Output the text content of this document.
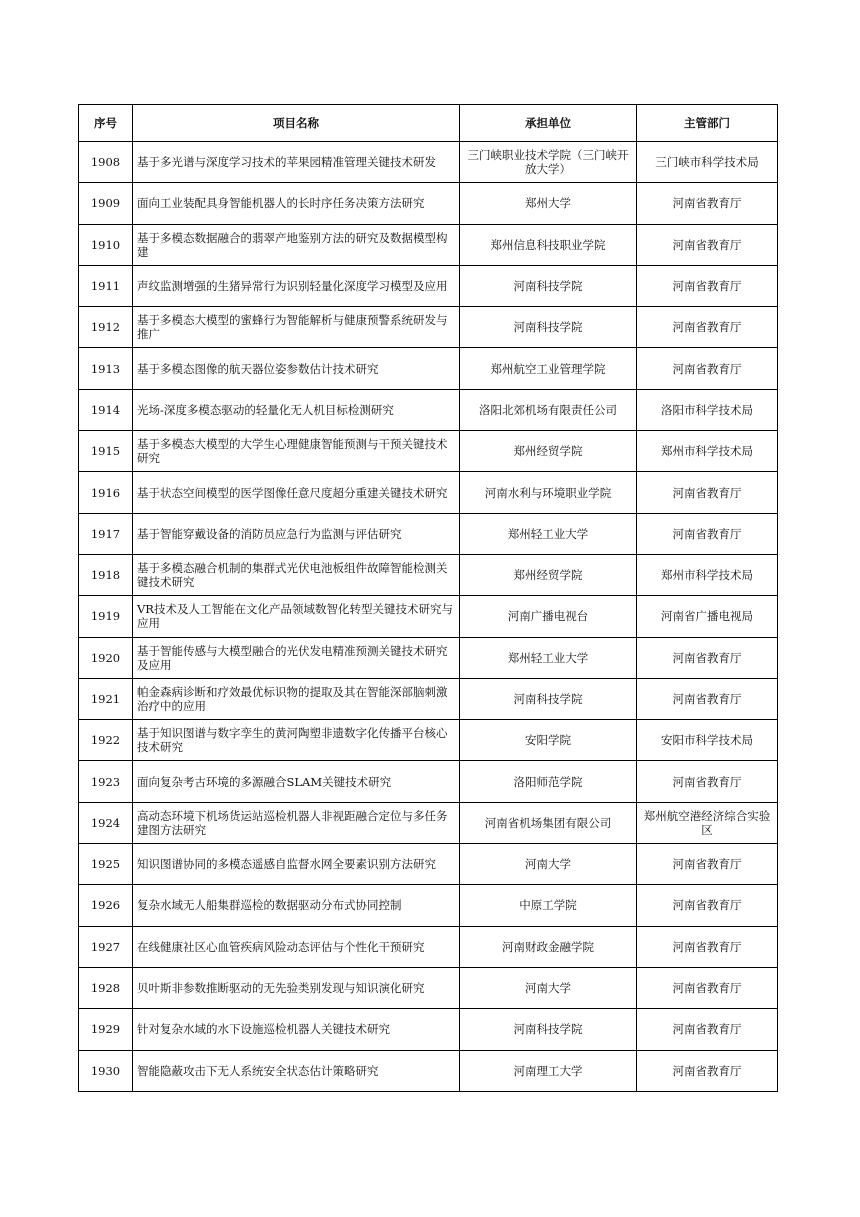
序号	项目名称	承担单位	主管部门
1908	基于多光谱与深度学习技术的苹果园精准管理关键技术研发	三门峡职业技术学院（三门峡开放大学）	三门峡市科学技术局
1909	面向工业装配具身智能机器人的长时序任务决策方法研究	郑州大学	河南省教育厅
1910	基于多模态数据融合的翡翠产地鉴别方法的研究及数据模型构建	郑州信息科技职业学院	河南省教育厅
1911	声纹监测增强的生猪异常行为识别轻量化深度学习模型及应用	河南科技学院	河南省教育厅
1912	基于多模态大模型的蜜蜂行为智能解析与健康预警系统研发与推广	河南科技学院	河南省教育厅
1913	基于多模态图像的航天器位姿参数估计技术研究	郑州航空工业管理学院	河南省教育厅
1914	光场-深度多模态驱动的轻量化无人机目标检测研究	洛阳北郊机场有限责任公司	洛阳市科学技术局
1915	基于多模态大模型的大学生心理健康智能预测与干预关键技术研究	郑州经贸学院	郑州市科学技术局
1916	基于状态空间模型的医学图像任意尺度超分重建关键技术研究	河南水利与环境职业学院	河南省教育厅
1917	基于智能穿戴设备的消防员应急行为监测与评估研究	郑州轻工业大学	河南省教育厅
1918	基于多模态融合机制的集群式光伏电池板组件故障智能检测关键技术研究	郑州经贸学院	郑州市科学技术局
1919	VR技术及人工智能在文化产品领域数智化转型关键技术研究与应用	河南广播电视台	河南省广播电视局
1920	基于智能传感与大模型融合的光伏发电精准预测关键技术研究及应用	郑州轻工业大学	河南省教育厅
1921	帕金森病诊断和疗效最优标识物的提取及其在智能深部脑刺激治疗中的应用	河南科技学院	河南省教育厅
1922	基于知识图谱与数字孪生的黄河陶塑非遗数字化传播平台核心技术研究	安阳学院	安阳市科学技术局
1923	面向复杂考古环境的多源融合SLAM关键技术研究	洛阳师范学院	河南省教育厅
1924	高动态环境下机场货运站巡检机器人非视距融合定位与多任务建图方法研究	河南省机场集团有限公司	郑州航空港经济综合实验区
1925	知识图谱协同的多模态遥感自监督水网全要素识别方法研究	河南大学	河南省教育厅
1926	复杂水域无人船集群巡检的数据驱动分布式协同控制	中原工学院	河南省教育厅
1927	在线健康社区心血管疾病风险动态评估与个性化干预研究	河南财政金融学院	河南省教育厅
1928	贝叶斯非参数推断驱动的无先验类别发现与知识演化研究	河南大学	河南省教育厅
1929	针对复杂水域的水下设施巡检机器人关键技术研究	河南科技学院	河南省教育厅
1930	智能隐蔽攻击下无人系统安全状态估计策略研究	河南理工大学	河南省教育厅
